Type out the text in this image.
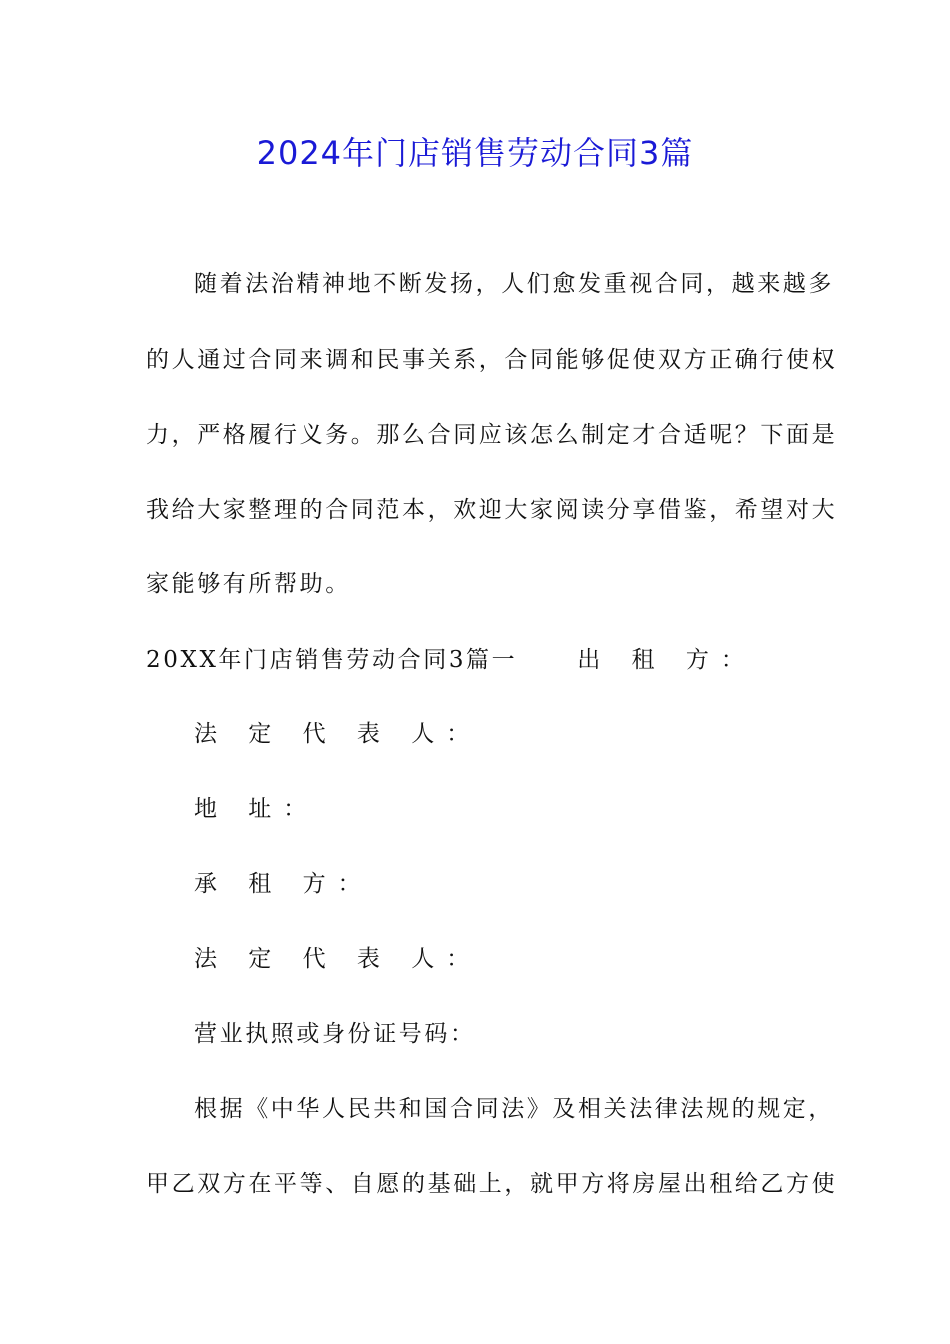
2024年门店销售劳动合同3篇
随着法治精神地不断发扬，人们愈发重视合同，越来越多
的人通过合同来调和民事关系，合同能够促使双方正确行使权
力，严格履行义务。那么合同应该怎么制定才合适呢？下面是
我给大家整理的合同范本，欢迎大家阅读分享借鉴，希望对大
家能够有所帮助。
20XX年门店销售劳动合同3篇一	出 租 方：
法 定 代 表 人：
地 址：
承 租 方：
法 定 代 表 人：
营业执照或身份证号码：
根据《中华人民共和国合同法》及相关法律法规的规定，
甲乙双方在平等、自愿的基础上，就甲方将房屋出租给乙方使
